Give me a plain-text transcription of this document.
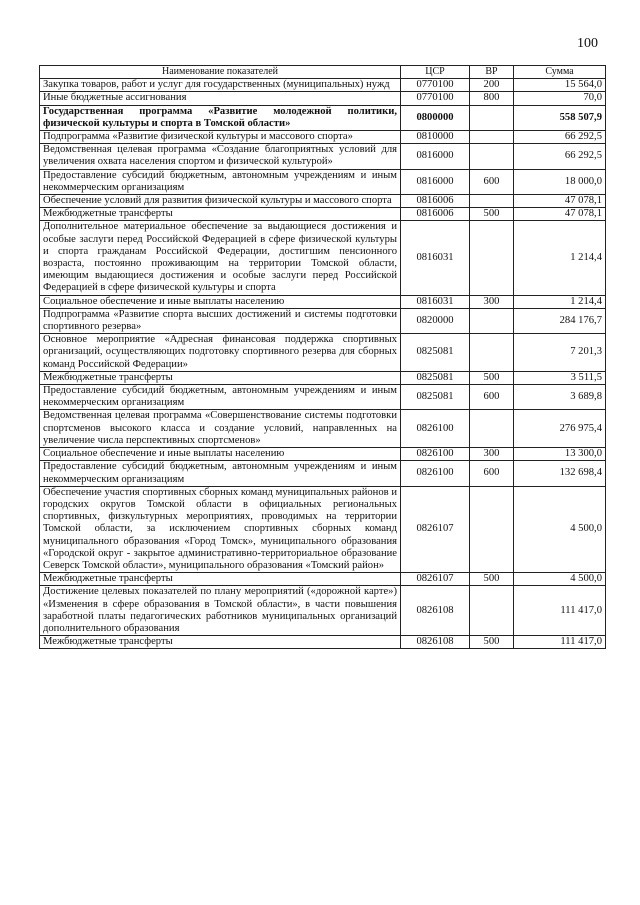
100
Наименование показателей	ЦСР	ВР	Сумма
Закупка товаров, работ и услуг для государственных (муниципальных) нужд	0770100	200	15 564,0
Иные бюджетные ассигнования	0770100	800	70,0
Государственная программа «Развитие молодежной политики, физической культуры и спорта в Томской области»	0800000		558 507,9
Подпрограмма «Развитие физической культуры и массового спорта»	0810000		66 292,5
Ведомственная целевая программа «Создание благоприятных условий для увеличения охвата населения спортом и физической культурой»	0816000		66 292,5
Предоставление субсидий бюджетным, автономным учреждениям и иным некоммерческим организациям	0816000	600	18 000,0
Обеспечение условий для развития физической культуры и массового спорта	0816006		47 078,1
Межбюджетные трансферты	0816006	500	47 078,1
Дополнительное материальное обеспечение за выдающиеся достижения и особые заслуги перед Российской Федерацией в сфере физической культуры и спорта гражданам Российской Федерации, достигшим пенсионного возраста, постоянно проживающим на территории Томской области, имеющим выдающиеся достижения и особые заслуги перед Российской Федерацией в сфере физической культуры и спорта	0816031		1 214,4
Социальное обеспечение и иные выплаты населению	0816031	300	1 214,4
Подпрограмма «Развитие спорта высших достижений и системы подготовки спортивного резерва»	0820000		284 176,7
Основное мероприятие «Адресная финансовая поддержка спортивных организаций, осуществляющих подготовку спортивного резерва для сборных команд Российской Федерации»	0825081		7 201,3
Межбюджетные трансферты	0825081	500	3 511,5
Предоставление субсидий бюджетным, автономным учреждениям и иным некоммерческим организациям	0825081	600	3 689,8
Ведомственная целевая программа «Совершенствование системы подготовки спортсменов высокого класса и создание условий, направленных на увеличение числа перспективных спортсменов»	0826100		276 975,4
Социальное обеспечение и иные выплаты населению	0826100	300	13 300,0
Предоставление субсидий бюджетным, автономным учреждениям и иным некоммерческим организациям	0826100	600	132 698,4
Обеспечение участия спортивных сборных команд муниципальных районов и городских округов Томской области в официальных региональных спортивных, физкультурных мероприятиях, проводимых на территории Томской области, за исключением спортивных сборных команд муниципального образования «Город Томск», муниципального образования «Городской округ - закрытое административно-территориальное образование Северск Томской области», муниципального образования «Томский район»	0826107		4 500,0
Межбюджетные трансферты	0826107	500	4 500,0
Достижение целевых показателей по плану мероприятий («дорожной карте») «Изменения в сфере образования в Томской области», в части повышения заработной платы педагогических работников муниципальных организаций дополнительного образования	0826108		111 417,0
Межбюджетные трансферты	0826108	500	111 417,0
